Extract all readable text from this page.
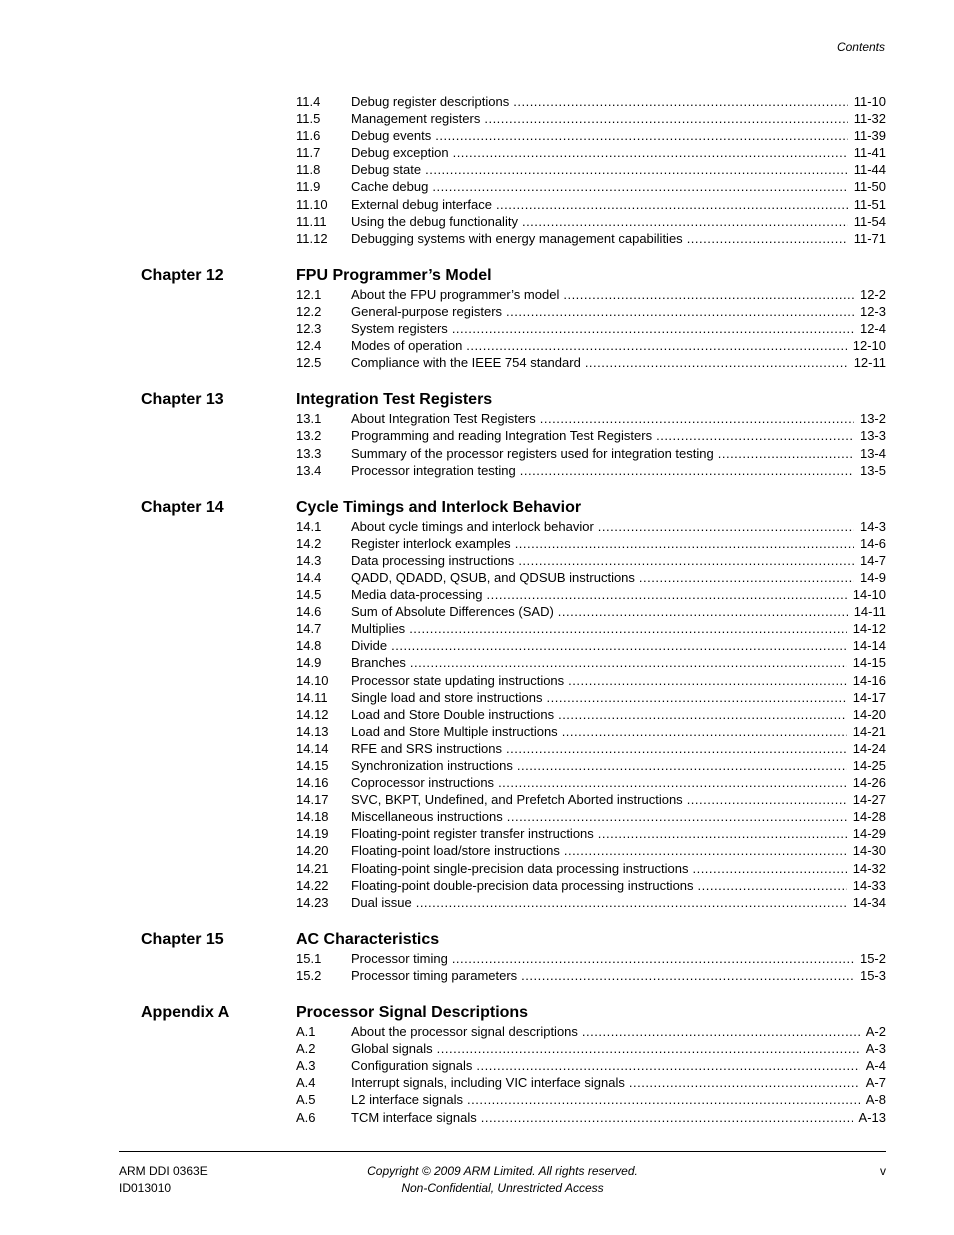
Contents
11.4	Debug register descriptions .....	11-10
11.5	Management registers .....	11-32
11.6	Debug events .....	11-39
11.7	Debug exception .....	11-41
11.8	Debug state .....	11-44
11.9	Cache debug .....	11-50
11.10	External debug interface .....	11-51
11.11	Using the debug functionality .....	11-54
11.12	Debugging systems with energy management capabilities .....	11-71
Chapter 12	FPU Programmer’s Model
12.1	About the FPU programmer’s model .....	12-2
12.2	General-purpose registers .....	12-3
12.3	System registers .....	12-4
12.4	Modes of operation .....	12-10
12.5	Compliance with the IEEE 754 standard .....	12-11
Chapter 13	Integration Test Registers
13.1	About Integration Test Registers .....	13-2
13.2	Programming and reading Integration Test Registers .....	13-3
13.3	Summary of the processor registers used for integration testing .....	13-4
13.4	Processor integration testing .....	13-5
Chapter 14	Cycle Timings and Interlock Behavior
14.1	About cycle timings and interlock behavior .....	14-3
14.2	Register interlock examples .....	14-6
14.3	Data processing instructions .....	14-7
14.4	QADD, QDADD, QSUB, and QDSUB instructions .....	14-9
14.5	Media data-processing .....	14-10
14.6	Sum of Absolute Differences (SAD) .....	14-11
14.7	Multiplies .....	14-12
14.8	Divide .....	14-14
14.9	Branches .....	14-15
14.10	Processor state updating instructions .....	14-16
14.11	Single load and store instructions .....	14-17
14.12	Load and Store Double instructions .....	14-20
14.13	Load and Store Multiple instructions .....	14-21
14.14	RFE and SRS instructions .....	14-24
14.15	Synchronization instructions .....	14-25
14.16	Coprocessor instructions .....	14-26
14.17	SVC, BKPT, Undefined, and Prefetch Aborted instructions .....	14-27
14.18	Miscellaneous instructions .....	14-28
14.19	Floating-point register transfer instructions .....	14-29
14.20	Floating-point load/store instructions .....	14-30
14.21	Floating-point single-precision data processing instructions .....	14-32
14.22	Floating-point double-precision data processing instructions .....	14-33
14.23	Dual issue .....	14-34
Chapter 15	AC Characteristics
15.1	Processor timing .....	15-2
15.2	Processor timing parameters .....	15-3
Appendix A	Processor Signal Descriptions
A.1	About the processor signal descriptions .....	A-2
A.2	Global signals .....	A-3
A.3	Configuration signals .....	A-4
A.4	Interrupt signals, including VIC interface signals .....	A-7
A.5	L2 interface signals .....	A-8
A.6	TCM interface signals .....	A-13
ARM DDI 0363E
ID013010
Copyright © 2009 ARM Limited. All rights reserved.
Non-Confidential, Unrestricted Access
v
